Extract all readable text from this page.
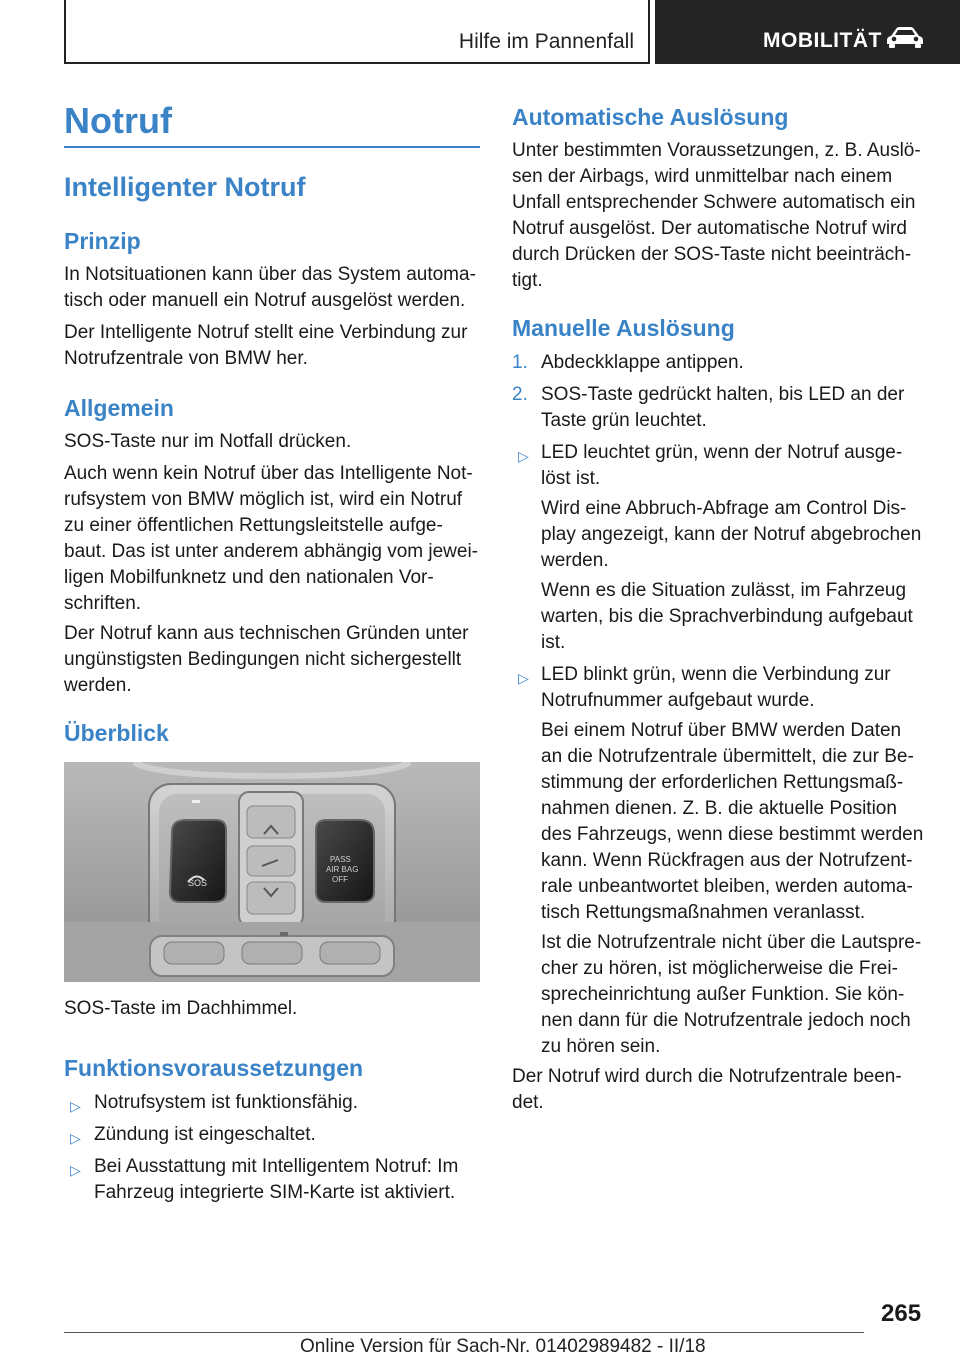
Hilfe im Pannenfall	MOBILITÄT
Notruf
Intelligenter Notruf
Prinzip

In Notsituationen kann über das System automa-

tisch oder manuell ein Notruf ausgelöst werden.

Der Intelligente Notruf stellt eine Verbindung zur

Notrufzentrale von BMW her.

Allgemein

SOS-Taste nur im Notfall drücken.

Auch wenn kein Notruf über das Intelligente Not-

rufsystem von BMW möglich ist, wird ein Notruf

zu einer öffentlichen Rettungsleitstelle aufge-

baut. Das ist unter anderem abhängig vom jewei-

ligen Mobilfunknetz und den nationalen Vor-

schriften.

Der Notruf kann aus technischen Gründen unter

ungünstigsten Bedingungen nicht sichergestellt

werden.

Überblick
SOS
PASS
AIR BAG
OFF

SOS-Taste im Dachhimmel.

Funktionsvoraussetzungen
▷ Notrufsystem ist funktionsfähig.

▷ Zündung ist eingeschaltet.

▷ Bei Ausstattung mit Intelligentem Notruf: Im

Fahrzeug integrierte SIM-Karte ist aktiviert.

Automatische Auslösung

Unter bestimmten Voraussetzungen, z. B. Auslö-

sen der Airbags, wird unmittelbar nach einem

Unfall entsprechender Schwere automatisch ein

Notruf ausgelöst. Der automatische Notruf wird

durch Drücken der SOS-Taste nicht beeinträch-

tigt.

Manuelle Auslösung
1. Abdeckklappe antippen.

2. SOS-Taste gedrückt halten, bis LED an der

Taste grün leuchtet.

▷ LED leuchtet grün, wenn der Notruf ausge-

löst ist.

Wird eine Abbruch-Abfrage am Control Dis-

play angezeigt, kann der Notruf abgebrochen

werden.

Wenn es die Situation zulässt, im Fahrzeug

warten, bis die Sprachverbindung aufgebaut

ist.

▷ LED blinkt grün, wenn die Verbindung zur

Notrufnummer aufgebaut wurde.

Bei einem Notruf über BMW werden Daten

an die Notrufzentrale übermittelt, die zur Be-

stimmung der erforderlichen Rettungsmaß-

nahmen dienen. Z. B. die aktuelle Position

des Fahrzeugs, wenn diese bestimmt werden

kann. Wenn Rückfragen aus der Notrufzent-

rale unbeantwortet bleiben, werden automa-

tisch Rettungsmaßnahmen veranlasst.

Ist die Notrufzentrale nicht über die Lautspre-

cher zu hören, ist möglicherweise die Frei-

sprecheinrichtung außer Funktion. Sie kön-

nen dann für die Notrufzentrale jedoch noch

zu hören sein.

Der Notruf wird durch die Notrufzentrale been-

det.

265
Online Version für Sach-Nr. 01402989482 - II/18
